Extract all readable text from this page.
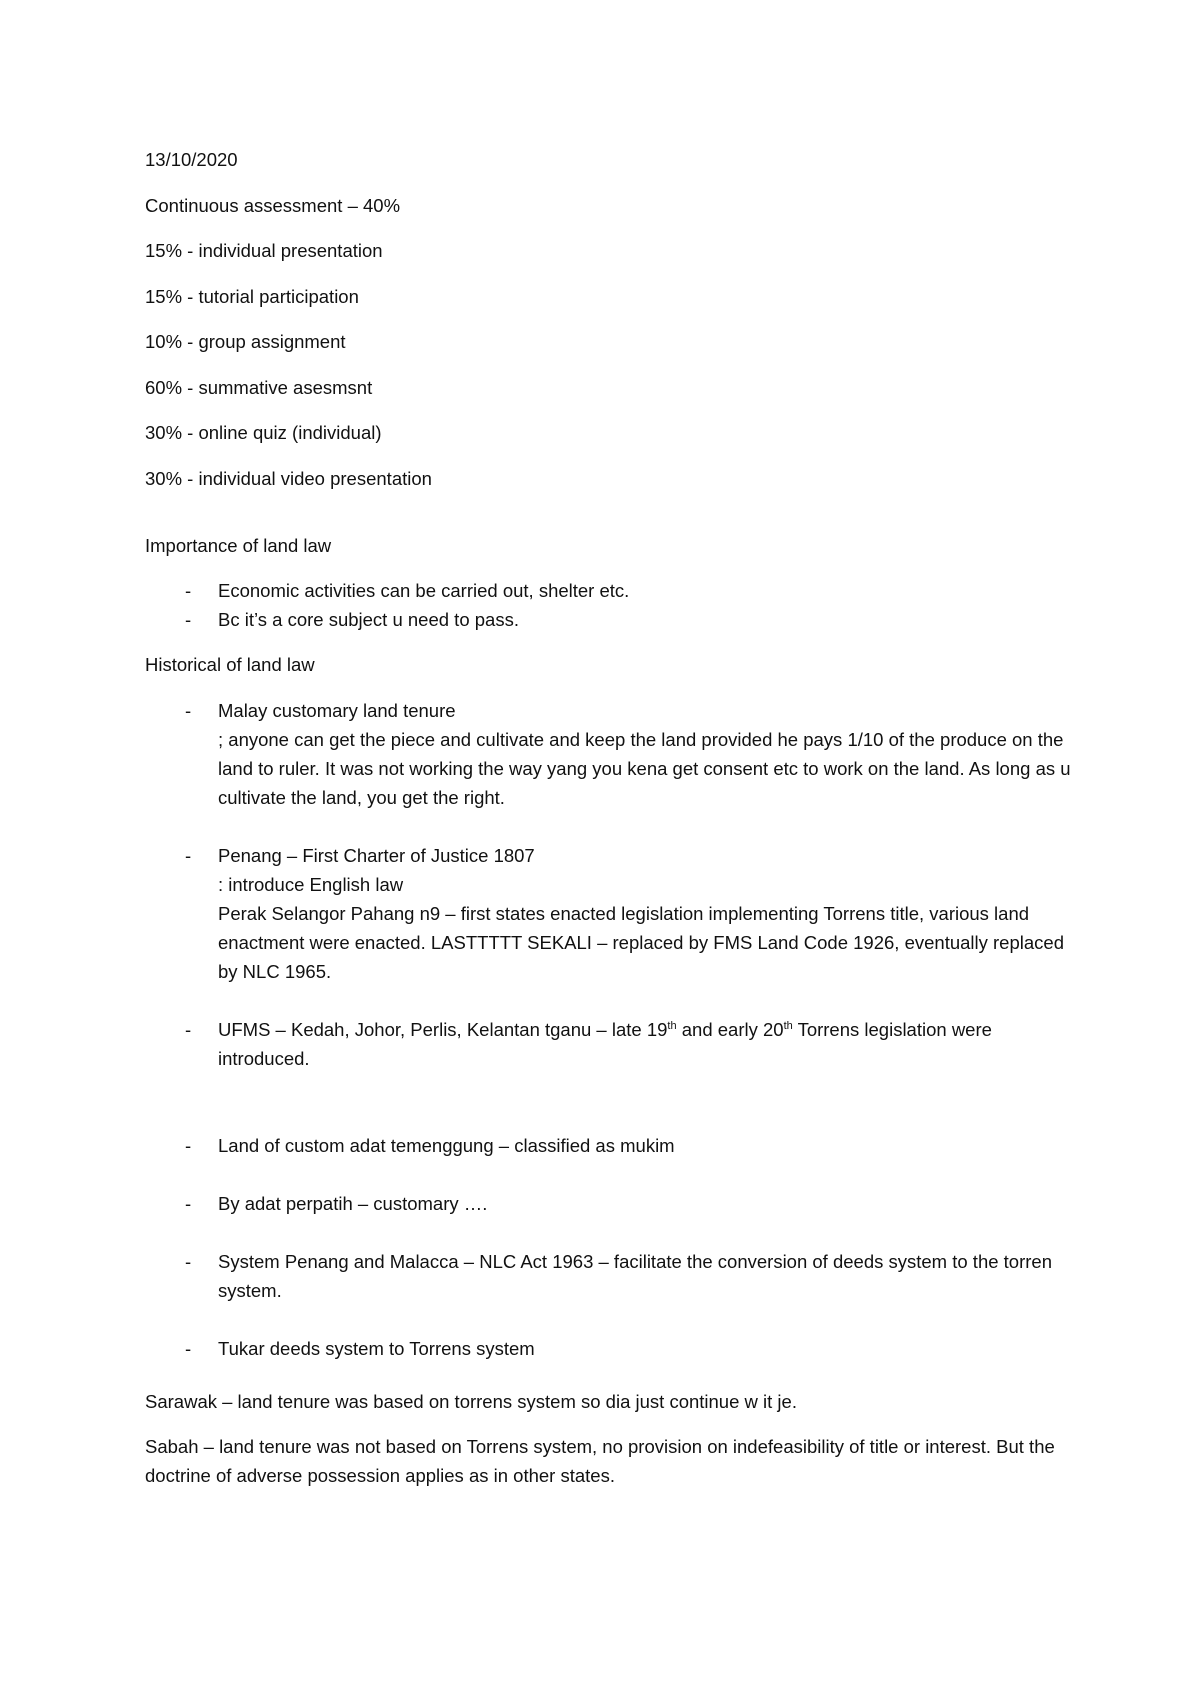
13/10/2020

Continuous assessment – 40%

15% - individual presentation

15% - tutorial participation

10% - group assignment

60% - summative asesmsnt

30% - online quiz (individual)

30% - individual video presentation

Importance of land law

- Economic activities can be carried out, shelter etc.
- Bc it’s a core subject u need to pass.

Historical of land law

- Malay customary land tenure
; anyone can get the piece and cultivate and keep the land provided he pays 1/10 of the produce on the land to ruler. It was not working the way yang you kena get consent etc to work on the land. As long as u cultivate the land, you get the right.
- Penang – First Charter of Justice 1807
: introduce English law
Perak Selangor Pahang n9 – first states enacted legislation implementing Torrens title, various land enactment were enacted. LASTTTTT SEKALI – replaced by FMS Land Code 1926, eventually replaced by NLC 1965.
- UFMS – Kedah, Johor, Perlis, Kelantan tganu – late 19th and early 20th Torrens legislation were introduced.
- Land of custom adat temenggung – classified as mukim
- By adat perpatih – customary ….
- System Penang and Malacca – NLC Act 1963 – facilitate the conversion of deeds system to the torren system.
- Tukar deeds system to Torrens system

Sarawak – land tenure was based on torrens system so dia just continue w it je.

Sabah – land tenure was not based on Torrens system, no provision on indefeasibility of title or interest. But the doctrine of adverse possession applies as in other states.
